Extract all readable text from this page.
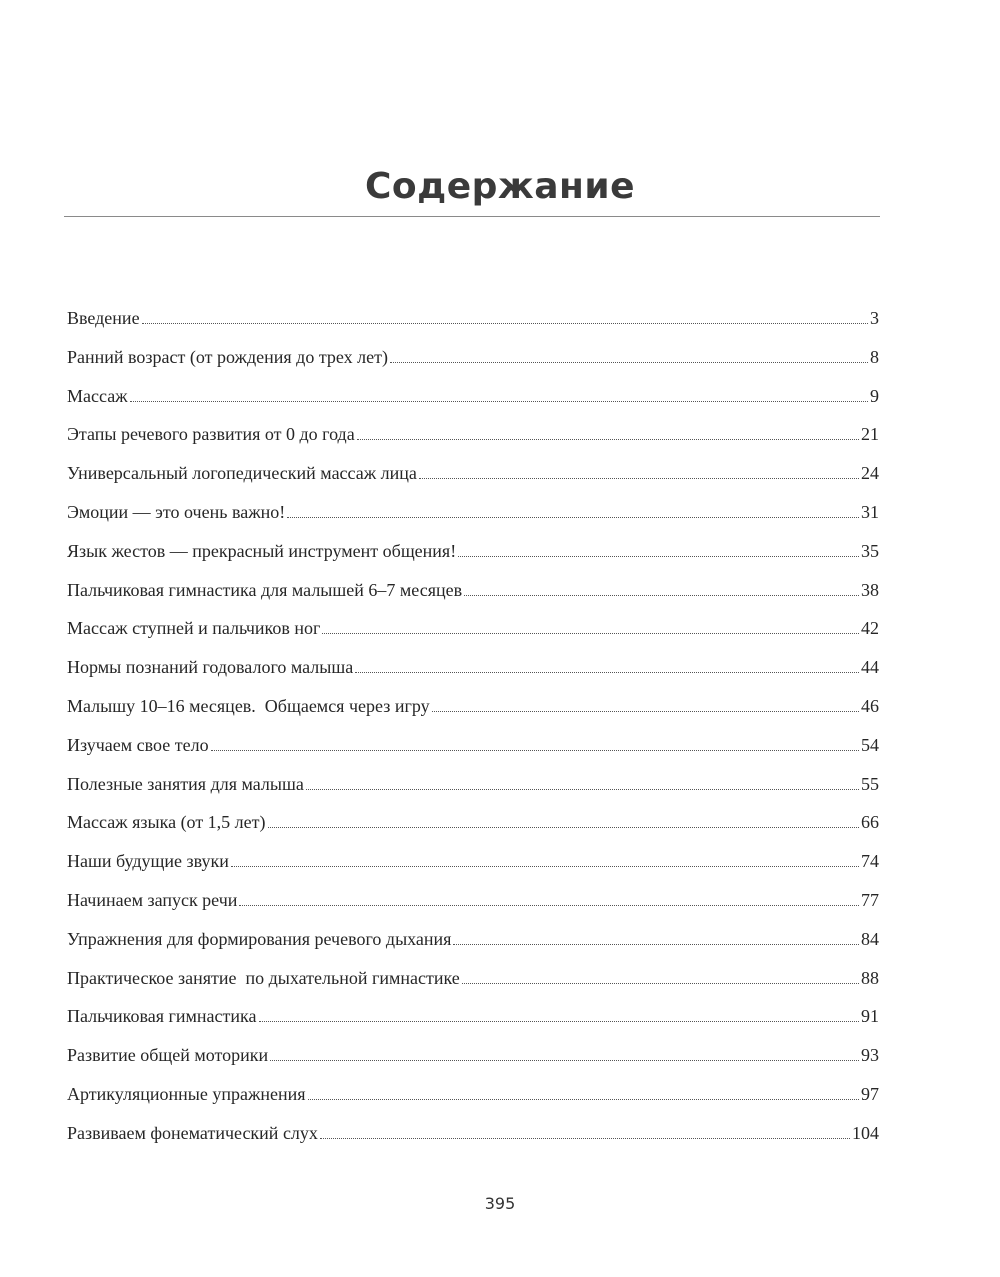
Содержание
Введение	3
Ранний возраст (от рождения до трех лет)	8
Массаж	9
Этапы речевого развития от 0 до года	21
Универсальный логопедический массаж лица	24
Эмоции — это очень важно!	31
Язык жестов — прекрасный инструмент общения!	35
Пальчиковая гимнастика для малышей 6–7 месяцев	38
Массаж ступней и пальчиков ног	42
Нормы познаний годовалого малыша	44
Малышу 10–16 месяцев.  Общаемся через игру	46
Изучаем свое тело	54
Полезные занятия для малыша	55
Массаж языка (от 1,5 лет)	66
Наши будущие звуки	74
Начинаем запуск речи	77
Упражнения для формирования речевого дыхания	84
Практическое занятие  по дыхательной гимнастике	88
Пальчиковая гимнастика	91
Развитие общей моторики	93
Артикуляционные упражнения	97
Развиваем фонематический слух	104
395
